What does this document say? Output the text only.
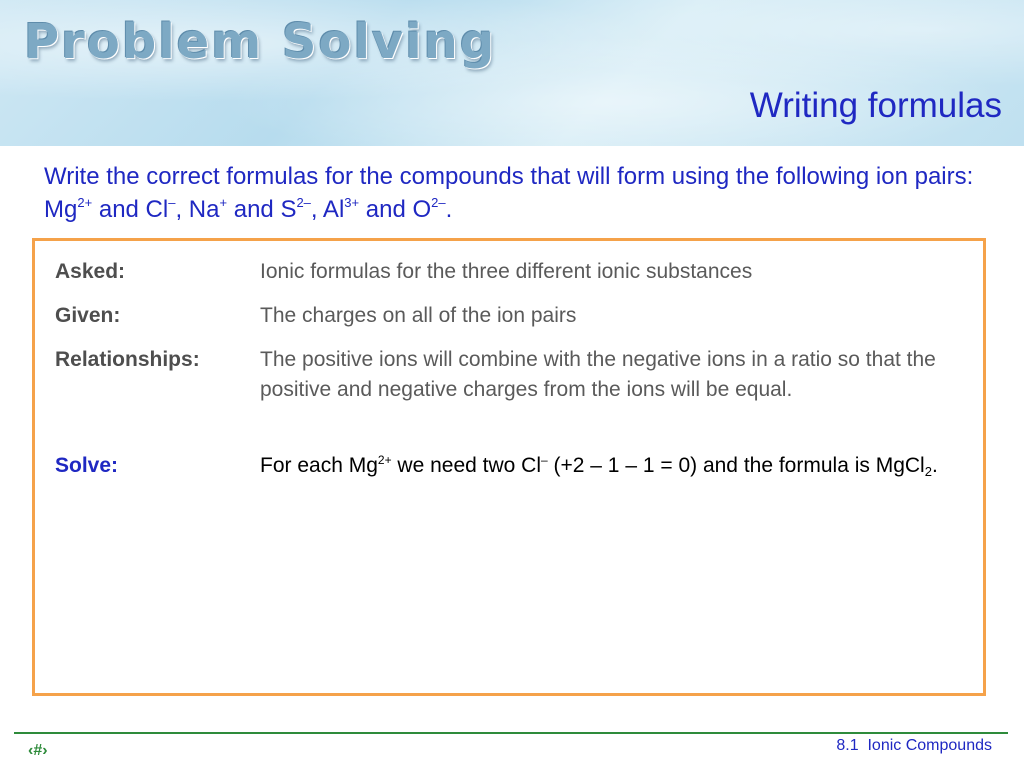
Problem Solving
Writing formulas

Write the correct formulas for the compounds that will form using the following ion pairs: $Mg^{2+}$ and Cl–, Na+ and $S^{2-}$, $Al^{3+}$ and $O^{2-}$.

Asked:	Ionic formulas for the three different ionic substances
Given:	The charges on all of the ion pairs
Relationships:	The positive ions will combine with the negative ions in a ratio so that the positive and negative charges from the ions will be equal.
Solve:	For each $Mg^{2+}$ we need two Cl– (+2 – 1 – 1 = 0) and the formula is MgCl$_2$.
‹#›	8.1  Ionic Compounds
